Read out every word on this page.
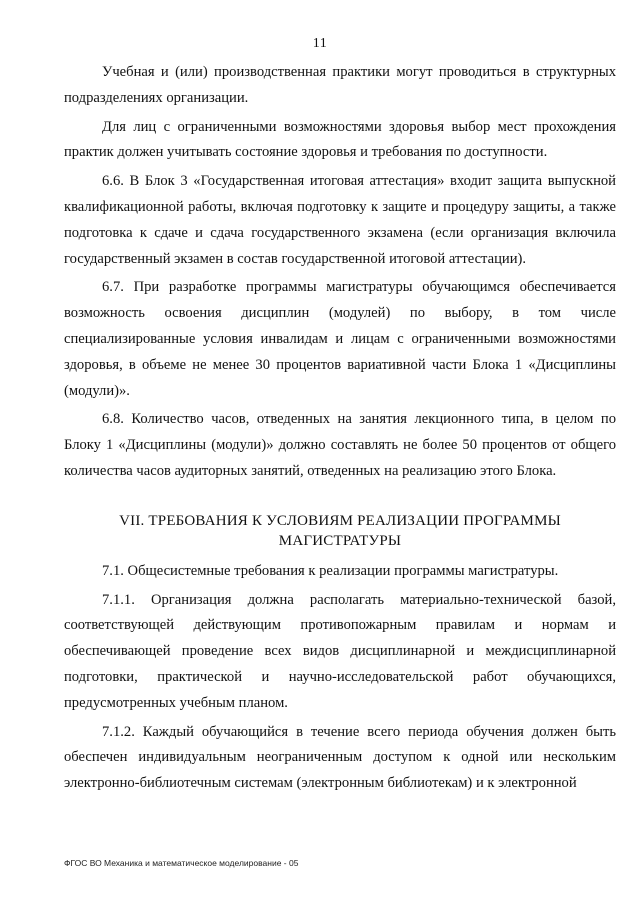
11

Учебная и (или) производственная практики могут проводиться в структурных подразделениях организации.

Для лиц с ограниченными возможностями здоровья выбор мест прохождения практик должен учитывать состояние здоровья и требования по доступности.

6.6. В Блок 3 «Государственная итоговая аттестация» входит защита выпускной квалификационной работы, включая подготовку к защите и процедуру защиты, а также подготовка к сдаче и сдача государственного экзамена (если организация включила государственный экзамен в состав государственной итоговой аттестации).

6.7. При разработке программы магистратуры обучающимся обеспечивается возможность освоения дисциплин (модулей) по выбору, в том числе специализированные условия инвалидам и лицам с ограниченными возможностями здоровья, в объеме не менее 30 процентов вариативной части Блока 1 «Дисциплины (модули)».

6.8. Количество часов, отведенных на занятия лекционного типа, в целом по Блоку 1 «Дисциплины (модули)» должно составлять не более 50 процентов от общего количества часов аудиторных занятий, отведенных на реализацию этого Блока.

VII. ТРЕБОВАНИЯ К УСЛОВИЯМ РЕАЛИЗАЦИИ ПРОГРАММЫ
МАГИСТРАТУРЫ

7.1. Общесистемные требования к реализации программы магистратуры.

7.1.1. Организация должна располагать материально-технической базой, соответствующей действующим противопожарным правилам и нормам и обеспечивающей проведение всех видов дисциплинарной и междисциплинарной подготовки, практической и научно-исследовательской работ обучающихся, предусмотренных учебным планом.

7.1.2. Каждый обучающийся в течение всего периода обучения должен быть обеспечен индивидуальным неограниченным доступом к одной или нескольким электронно-библиотечным системам (электронным библиотекам) и к электронной

ФГОС ВО Механика и математическое моделирование - 05
